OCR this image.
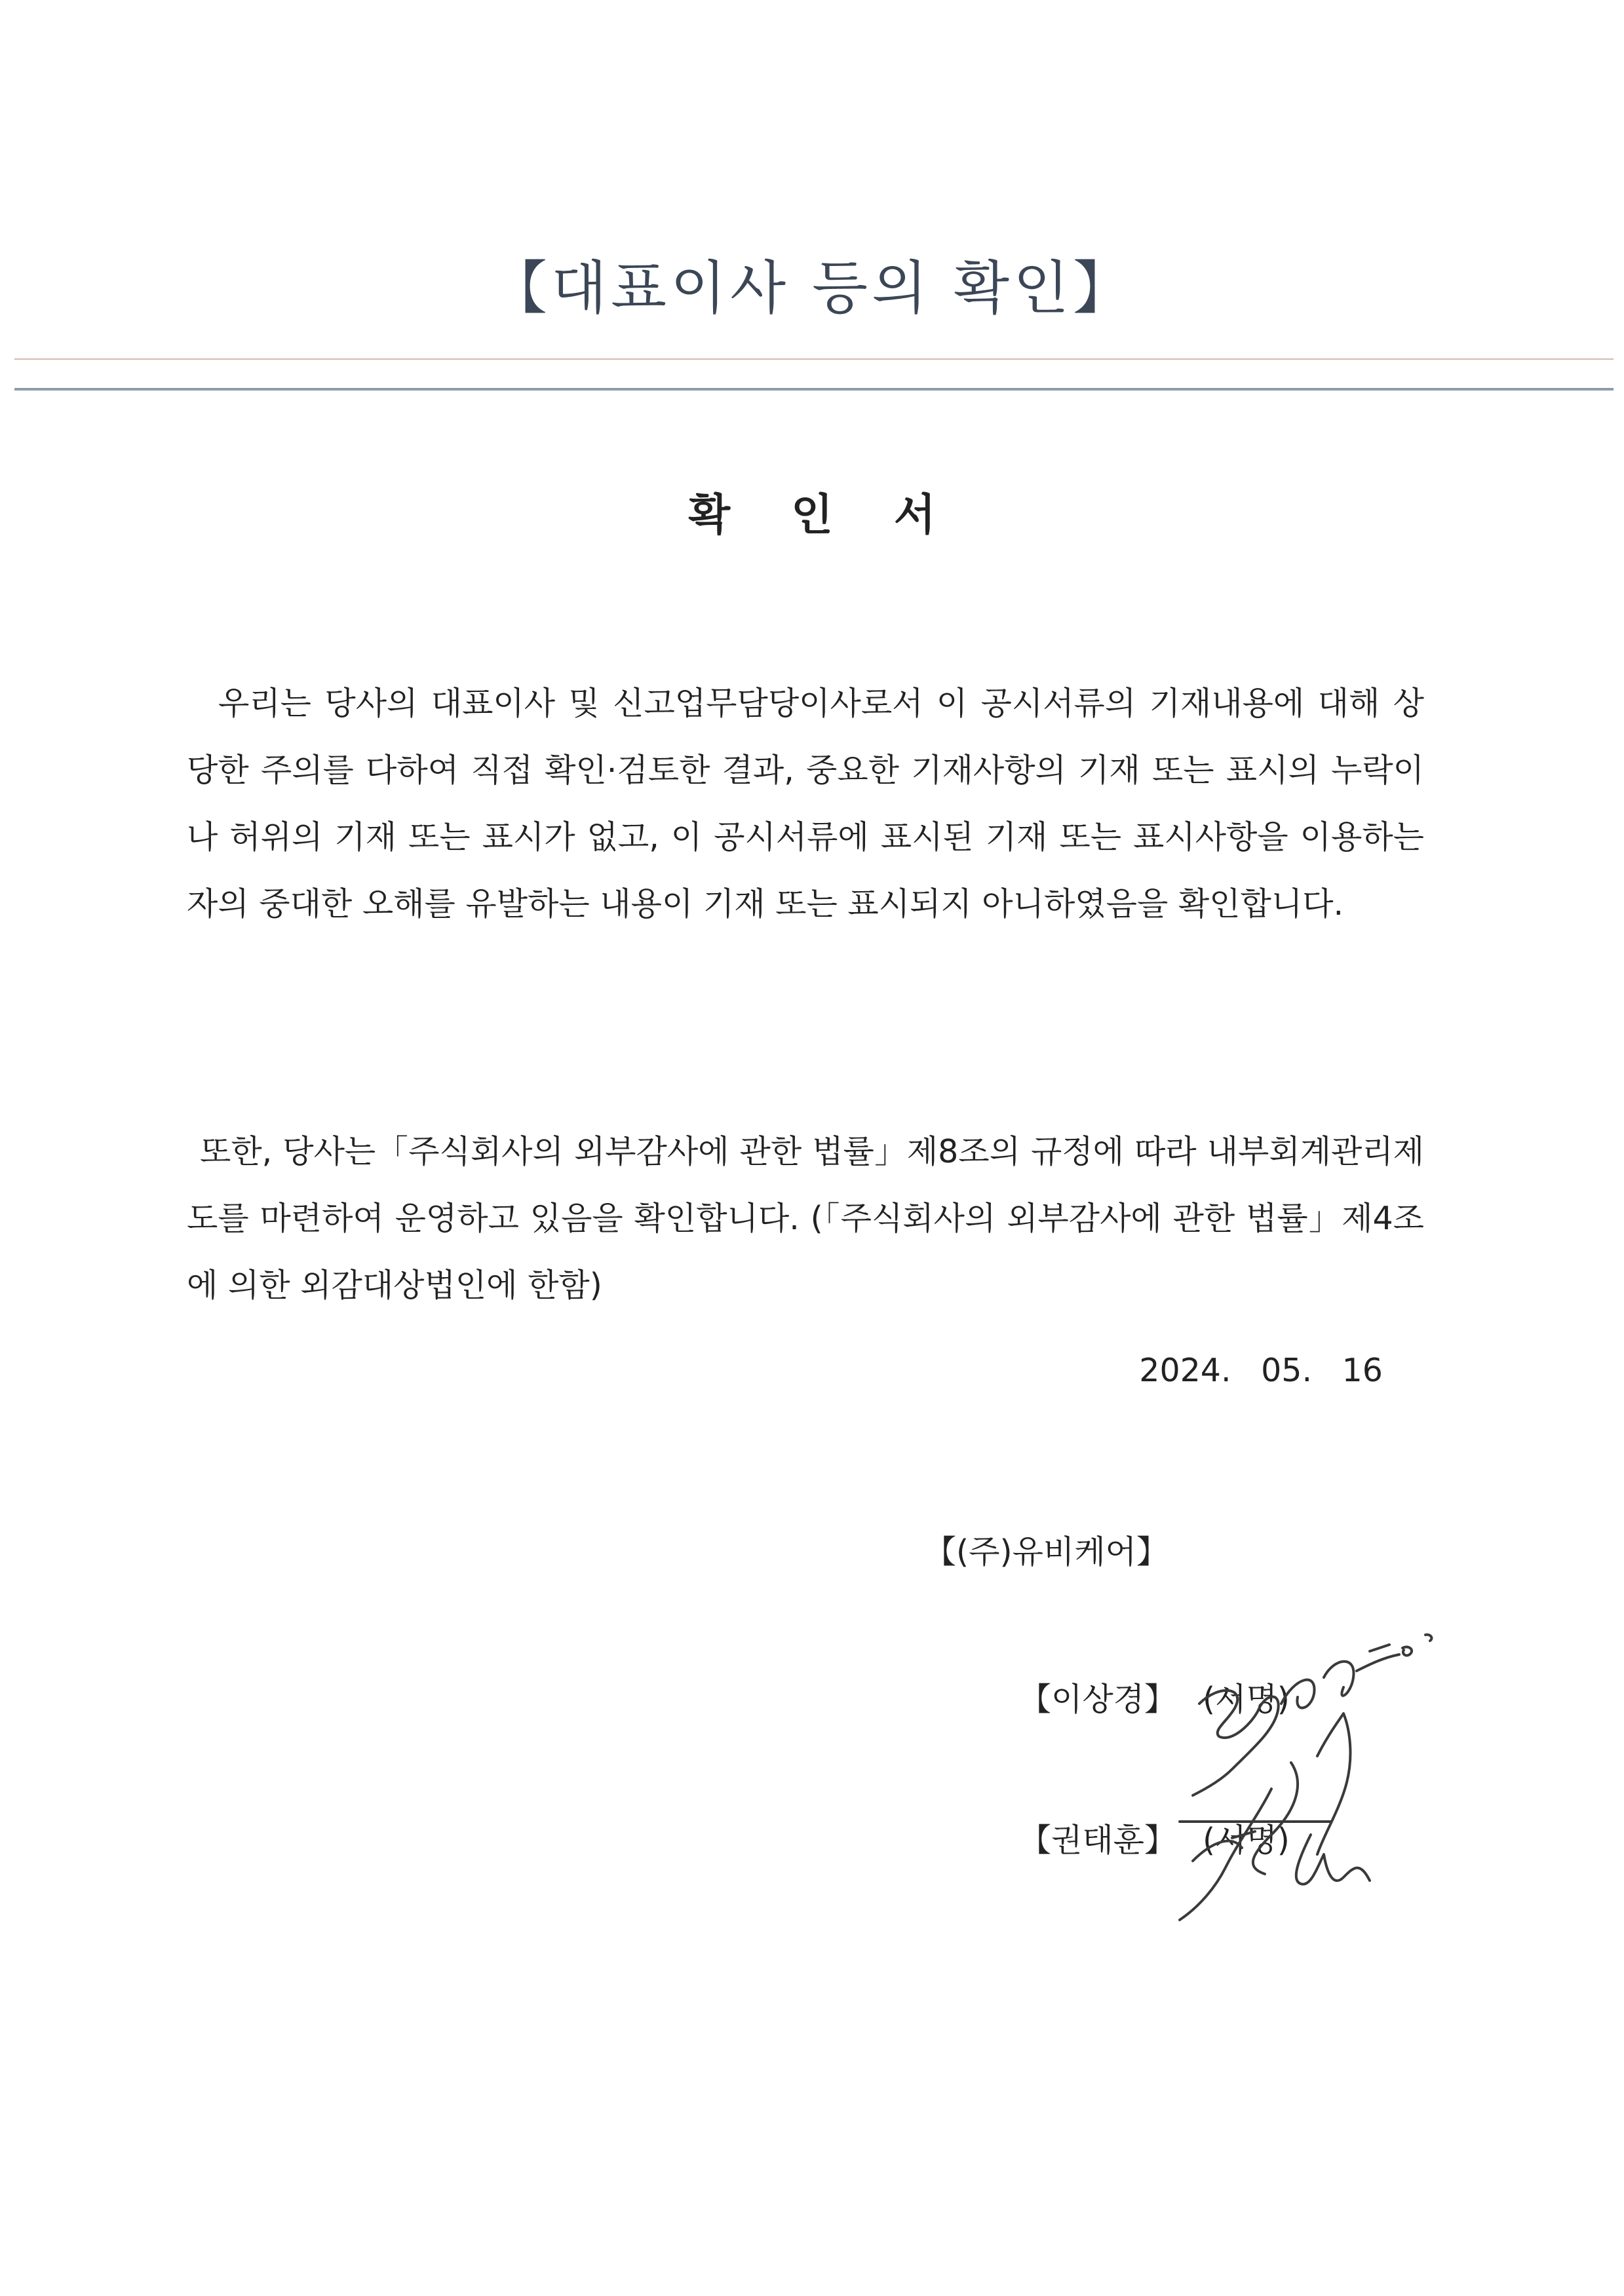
【대표이사 등의 확인】
확 인 서

우리는 당사의 대표이사 및 신고업무담당이사로서 이 공시서류의 기재내용에 대해 상당한 주의를 다하여 직접 확인·검토한 결과, 중요한 기재사항의 기재 또는 표시의 누락이나 허위의 기재 또는 표시가 없고, 이 공시서류에 표시된 기재 또는 표시사항을 이용하는 자의 중대한 오해를 유발하는 내용이 기재 또는 표시되지 아니하였음을 확인합니다.

또한, 당사는「주식회사의 외부감사에 관한 법률」제8조의 규정에 따라 내부회계관리제도를 마련하여 운영하고 있음을 확인합니다. (「주식회사의 외부감사에 관한 법률」제4조에 의한 외감대상법인에 한함)

2024. 05. 16
【(주)유비케어】
【이상경】 (서명)
【권태훈】 (서명)
